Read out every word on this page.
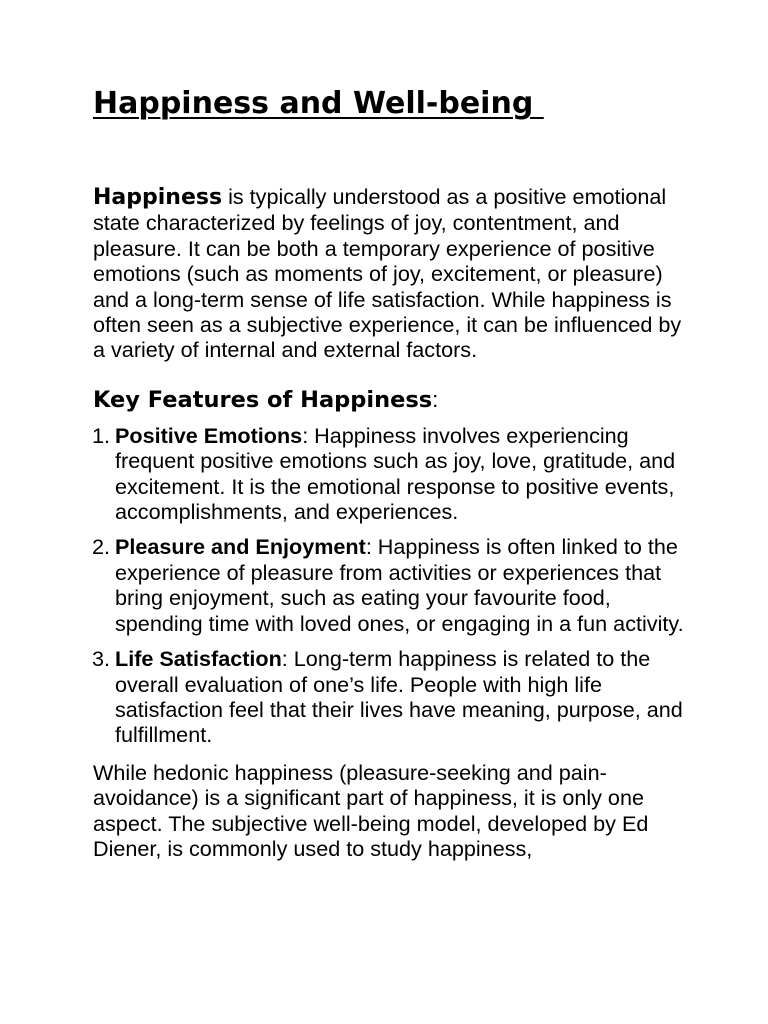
Happiness and Well-being

Happiness is typically understood as a positive emotional state characterized by feelings of joy, contentment, and pleasure. It can be both a temporary experience of positive emotions (such as moments of joy, excitement, or pleasure) and a long-term sense of life satisfaction. While happiness is often seen as a subjective experience, it can be influenced by a variety of internal and external factors.

Key Features of Happiness:
1. Positive Emotions: Happiness involves experiencing frequent positive emotions such as joy, love, gratitude, and excitement. It is the emotional response to positive events, accomplishments, and experiences.
2. Pleasure and Enjoyment: Happiness is often linked to the experience of pleasure from activities or experiences that bring enjoyment, such as eating your favourite food, spending time with loved ones, or engaging in a fun activity.
3. Life Satisfaction: Long-term happiness is related to the overall evaluation of one’s life. People with high life satisfaction feel that their lives have meaning, purpose, and fulfillment.

While hedonic happiness (pleasure-seeking and pain-avoidance) is a significant part of happiness, it is only one aspect. The subjective well-being model, developed by Ed Diener, is commonly used to study happiness,
